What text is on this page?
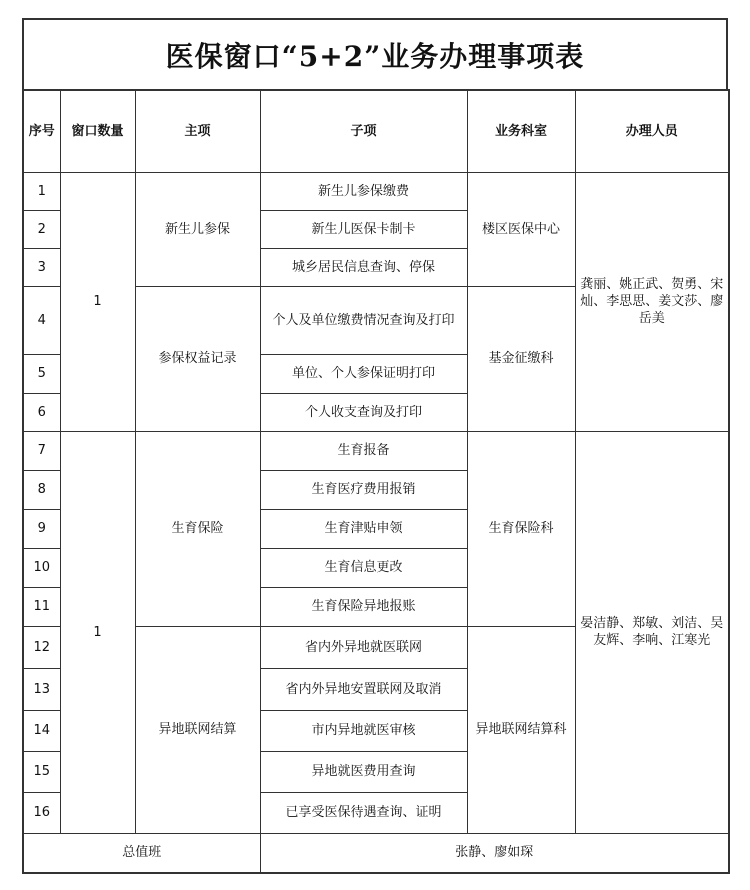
医保窗口“5+2”业务办理事项表
序号	窗口数量	主项	子项	业务科室	办理人员
1	1	新生儿参保	新生儿参保缴费	楼区医保中心	龚丽、姚正武、贺勇、宋灿、李思思、姜文莎、廖岳美
2			新生儿医保卡制卡		
3			城乡居民信息查询、停保		
4		参保权益记录	个人及单位缴费情况查询及打印	基金征缴科	
5			单位、个人参保证明打印		
6			个人收支查询及打印		
7	1	生育保险	生育报备	生育保险科	晏洁静、郑敏、刘洁、吴友辉、李响、江寒光
8			生育医疗费用报销		
9			生育津贴申领		
10			生育信息更改		
11			生育保险异地报账		
12		异地联网结算	省内外异地就医联网	异地联网结算科	
13			省内外异地安置联网及取消		
14			市内异地就医审核		
15			异地就医费用查询		
16			已享受医保待遇查询、证明		
总值班			张静、廖如琛		
